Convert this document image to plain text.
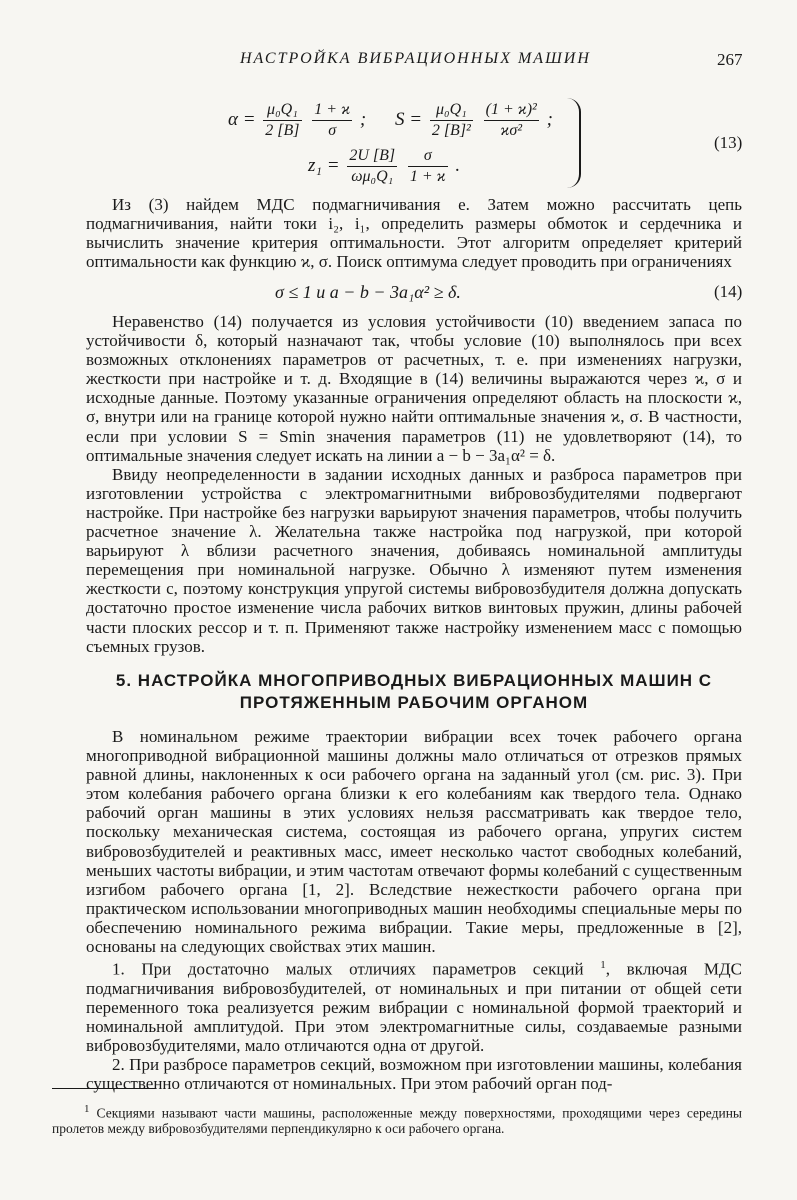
НАСТРОЙКА ВИБРАЦИОННЫХ МАШИН	267
$\alpha = \frac{\text{μ₀Q₁}}{2 [B]}$
$\frac{1 + ϰ}{\sigma}$ ; $S = \frac{\text{μ₀Q₁}}{\text{2 [B]²}}$
$\frac{\text{(1 + ϰ)²}}{\text{ϰσ²}}$ ;
$z_1 = \frac{2U [B]}{\text{ωμ₀Q₁}}$
$\frac{\sigma}{1 + ϰ}$ .
(13)

Из (3) найдем МДС подмагничивания e. Затем можно рассчитать цепь подмагничивания, найти токи i₂, i₁, определить размеры обмоток и сердечника и вычислить значение критерия оптимальности. Этот алгоритм определяет критерий оптимальности как функцию ϰ, σ. Поиск оптимума следует проводить при ограничениях

σ ≤ 1 и a − b − 3a₁α² ≥ δ.	(14)

Неравенство (14) получается из условия устойчивости (10) введением запаса по устойчивости δ, который назначают так, чтобы условие (10) выполнялось при всех возможных отклонениях параметров от расчетных, т. е. при изменениях нагрузки, жесткости при настройке и т. д. Входящие в (14) величины выражаются через ϰ, σ и исходные данные. Поэтому указанные ограничения определяют область на плоскости ϰ, σ, внутри или на границе которой нужно найти оптимальные значения ϰ, σ. В частности, если при условии S = Smin значения параметров (11) не удовлетворяют (14), то оптимальные значения следует искать на линии a − b − 3a₁α² = δ.

Ввиду неопределенности в задании исходных данных и разброса параметров при изготовлении устройства с электромагнитными вибровозбудителями подвергают настройке. При настройке без нагрузки варьируют значения параметров, чтобы получить расчетное значение λ. Желательна также настройка под нагрузкой, при которой варьируют λ вблизи расчетного значения, добиваясь номинальной амплитуды перемещения при номинальной нагрузке. Обычно λ изменяют путем изменения жесткости c, поэтому конструкция упругой системы вибровозбудителя должна допускать достаточно простое изменение числа рабочих витков винтовых пружин, длины рабочей части плоских рессор и т. п. Применяют также настройку изменением масс с помощью съемных грузов.

5. НАСТРОЙКА МНОГОПРИВОДНЫХ ВИБРАЦИОННЫХ МАШИН С
ПРОТЯЖЕННЫМ РАБОЧИМ ОРГАНОМ

В номинальном режиме траектории вибрации всех точек рабочего органа многоприводной вибрационной машины должны мало отличаться от отрезков прямых равной длины, наклоненных к оси рабочего органа на заданный угол (см. рис. 3). При этом колебания рабочего органа близки к его колебаниям как твердого тела. Однако рабочий орган машины в этих условиях нельзя рассматривать как твердое тело, поскольку механическая система, состоящая из рабочего органа, упругих систем вибровозбудителей и реактивных масс, имеет несколько частот свободных колебаний, меньших частоты вибрации, и этим частотам отвечают формы колебаний с существенным изгибом рабочего органа [1, 2]. Вследствие нежесткости рабочего органа при практическом использовании многоприводных машин необходимы специальные меры по обеспечению номинального режима вибрации. Такие меры, предложенные в [2], основаны на следующих свойствах этих машин.

1. При достаточно малых отличиях параметров секций $^1$, включая МДС подмагничивания вибровозбудителей, от номинальных и при питании от общей сети переменного тока реализуется режим вибрации с номинальной формой траекторий и номинальной амплитудой. При этом электромагнитные силы, создаваемые разными вибровозбудителями, мало отличаются одна от другой.

2. При разбросе параметров секций, возможном при изготовлении машины, колебания существенно отличаются от номинальных. При этом рабочий орган под-

$^1$ Секциями называют части машины, расположенные между поверхностями, проходящими через середины пролетов между вибровозбудителями перпендикулярно к оси рабочего органа.
